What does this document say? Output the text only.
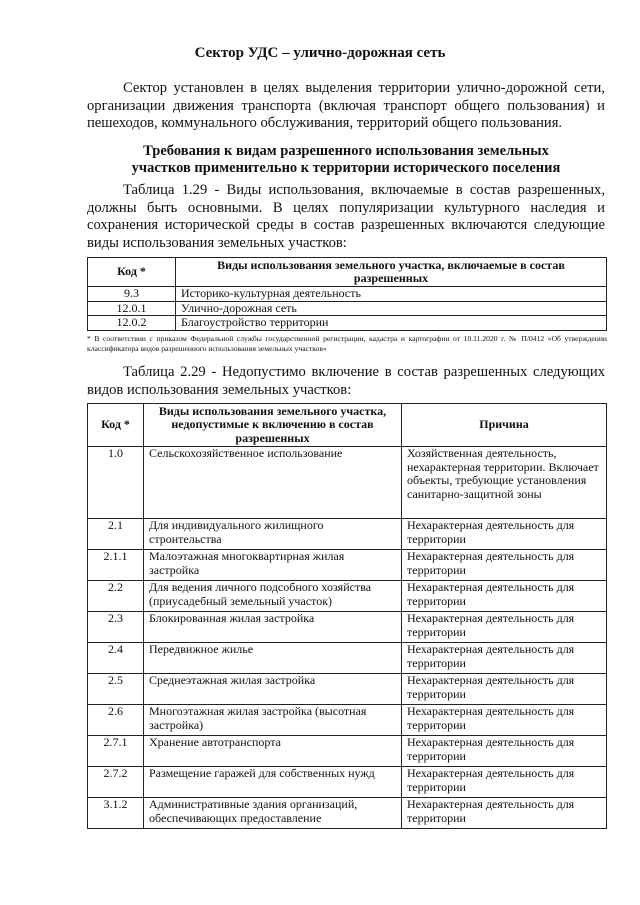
Сектор УДС – улично-дорожная сеть

Сектор установлен в целях выделения территории улично-дорожной сети, организации движения транспорта (включая транспорт общего пользования) и пешеходов, коммунального обслуживания, территорий общего пользования.

Требования к видам разрешенного использования земельных
участков применительно к территории исторического поселения

Таблица 1.29 - Виды использования, включаемые в состав разрешенных, должны быть основными. В целях популяризации культурного наследия и сохранения исторической среды в состав разрешенных включаются следующие виды использования земельных участков:

Код *	Виды использования земельного участка, включаемые в состав разрешенных
9.3	Историко-культурная деятельность
12.0.1	Улично-дорожная сеть
12.0.2	Благоустройство территории
* В соответствии с приказом Федеральной службы государственной регистрации, кадастра и картографии от 10.11.2020 г. № П/0412 «Об утверждении классификатора видов разрешенного использования земельных участков»

Таблица 2.29 - Недопустимо включение в состав разрешенных следующих видов использования земельных участков:

Код *	Виды использования земельного участка, недопустимые к включению в состав разрешенных	Причина
1.0	Сельскохозяйственное использование	Хозяйственная деятельность, нехарактерная территории. Включает объекты, требующие установления санитарно-защитной зоны
2.1	Для индивидуального жилищного строительства	Нехарактерная деятельность для территории
2.1.1	Малоэтажная многоквартирная жилая застройка	Нехарактерная деятельность для территории
2.2	Для ведения личного подсобного хозяйства (приусадебный земельный участок)	Нехарактерная деятельность для территории
2.3	Блокированная жилая застройка	Нехарактерная деятельность для территории
2.4	Передвижное жилье	Нехарактерная деятельность для территории
2.5	Среднеэтажная жилая застройка	Нехарактерная деятельность для территории
2.6	Многоэтажная жилая застройка (высотная застройка)	Нехарактерная деятельность для территории
2.7.1	Хранение автотранспорта	Нехарактерная деятельность для территории
2.7.2	Размещение гаражей для собственных нужд	Нехарактерная деятельность для территории
3.1.2	Административные здания организаций, обеспечивающих предоставление	Нехарактерная деятельность для территории
